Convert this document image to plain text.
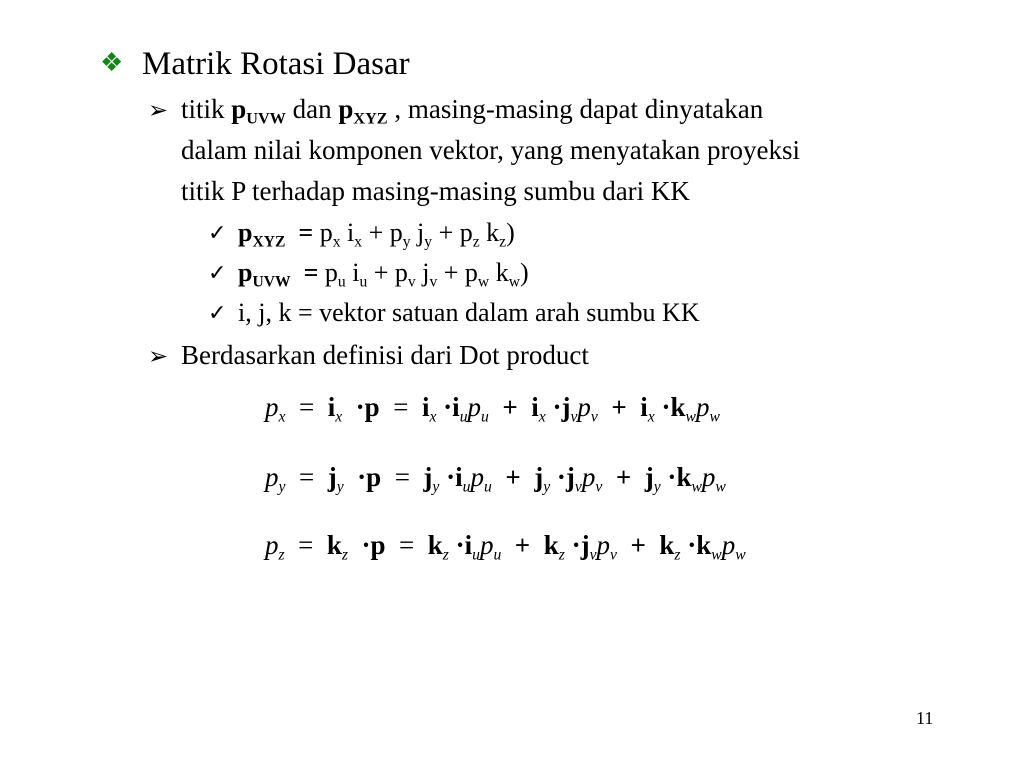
❖ Matrik Rotasi Dasar
➢ titik $p_{UVW}$ dan $p_{XYZ}$ , masing-masing dapat dinyatakan
dalam nilai komponen vektor, yang menyatakan proyeksi
titik P terhadap masing-masing sumbu dari KK
✓ $p_{XYZ} = p_x$ $i_x + p_y$ $j_y + p_z$ $k_z$)
✓ $p_{UVW} = p_u$ $i_u + p_v$ $j_v + p_w$ $k_w$)
✓ i, j, k = vektor satuan dalam arah sumbu KK
➢ Berdasarkan definisi dari Dot product
$p_x = i_x \cdot p = i_x \cdot i_up_u + i_x \cdot j_vp_v + i_x \cdot k_wp_w$
$p_y = j_y \cdot p = j_y \cdot i_up_u + j_y \cdot j_vp_v + j_y \cdot k_wp_w$
$p_z = k_z \cdot p = k_z \cdot i_up_u + k_z \cdot j_vp_v + k_z \cdot k_wp_w$
11
